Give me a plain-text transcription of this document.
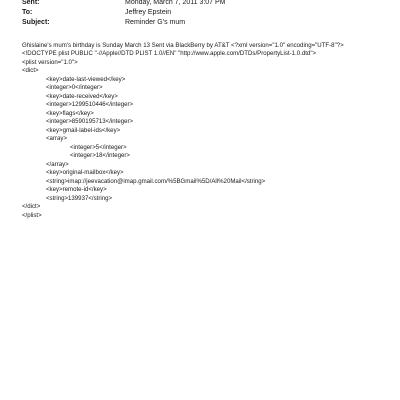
Sent:	Monday, March 7, 2011 3:07 PM
To:	Jeffrey Epstein
Subject:	Reminder G's mum
Ghislaine's mum's birthday is Sunday March 13 Sent via BlackBerry by AT&T <?xml version="1.0" encoding="UTF-8"?>
<!DOCTYPE plist PUBLIC "-//Apple//DTD PLIST 1.0//EN" "http://www.apple.com/DTDs/PropertyList-1.0.dtd">
<plist version="1.0">
<dict>
<key>date-last-viewed</key>
<integer>0</integer>
<key>date-received</key>
<integer>1299510446</integer>
<key>flags</key>
<integer>8590195713</integer>
<key>gmail-label-ids</key>
<array>
<integer>5</integer>
<integer>18</integer>
</array>
<key>original-mailbox</key>
<string>imap://jeevacation@imap.gmail.com/%5BGmail%5D/All%20Mail</string>
<key>remote-id</key>
<string>139937</string>
</dict>
</plist>
